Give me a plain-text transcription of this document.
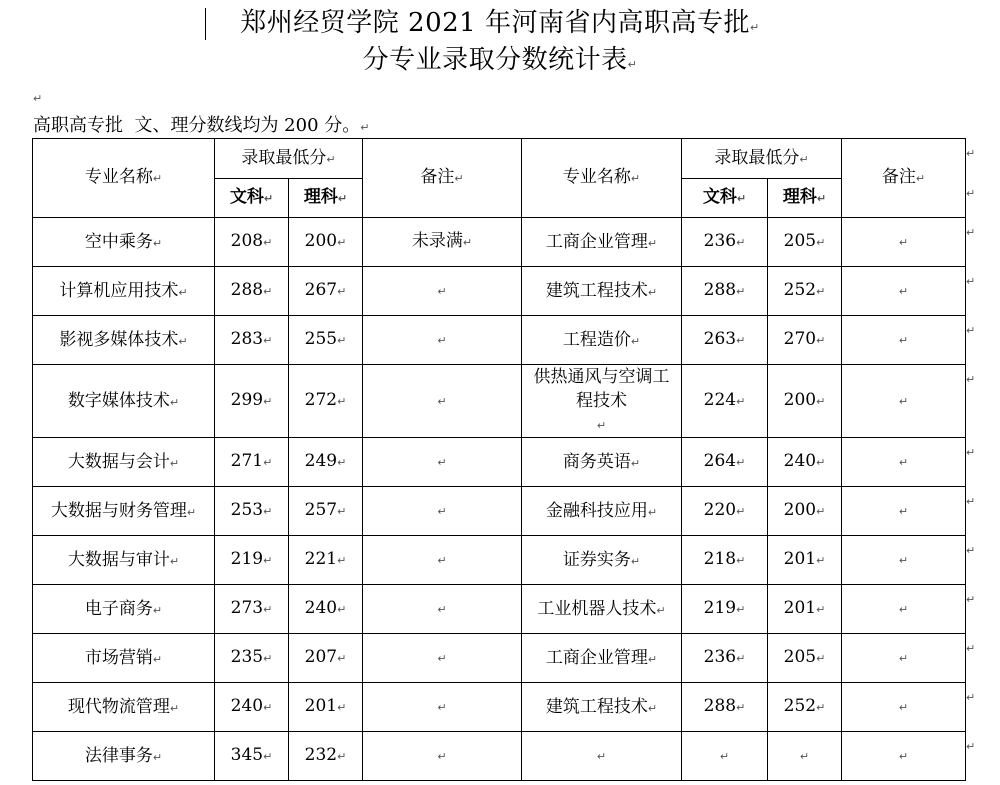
郑州经贸学院 2021 年河南省内高职高专批↵
分专业录取分数统计表↵
↵
高职高专批  文、理分数线均为 200 分。↵
专业名称↵	录取最低分↵		备注↵	专业名称↵	录取最低分↵		备注↵
	文科↵	理科↵			文科↵	理科↵	
空中乘务↵	208↵	200↵	未录满↵	工商企业管理↵	236↵	205↵	↵
计算机应用技术↵	288↵	267↵	↵	建筑工程技术↵	288↵	252↵	↵
影视多媒体技术↵	283↵	255↵	↵	工程造价↵	263↵	270↵	↵
数字媒体技术↵	299↵	272↵	↵	供热通风与空调工程技术↵	224↵	200↵	↵
大数据与会计↵	271↵	249↵	↵	商务英语↵	264↵	240↵	↵
大数据与财务管理↵	253↵	257↵	↵	金融科技应用↵	220↵	200↵	↵
大数据与审计↵	219↵	221↵	↵	证券实务↵	218↵	201↵	↵
电子商务↵	273↵	240↵	↵	工业机器人技术↵	219↵	201↵	↵
市场营销↵	235↵	207↵	↵	工商企业管理↵	236↵	205↵	↵
现代物流管理↵	240↵	201↵	↵	建筑工程技术↵	288↵	252↵	↵
法律事务↵	345↵	232↵	↵	↵	↵	↵	↵
↵
↵
↵
↵
↵
↵
↵
↵
↵
↵
↵
↵
↵
